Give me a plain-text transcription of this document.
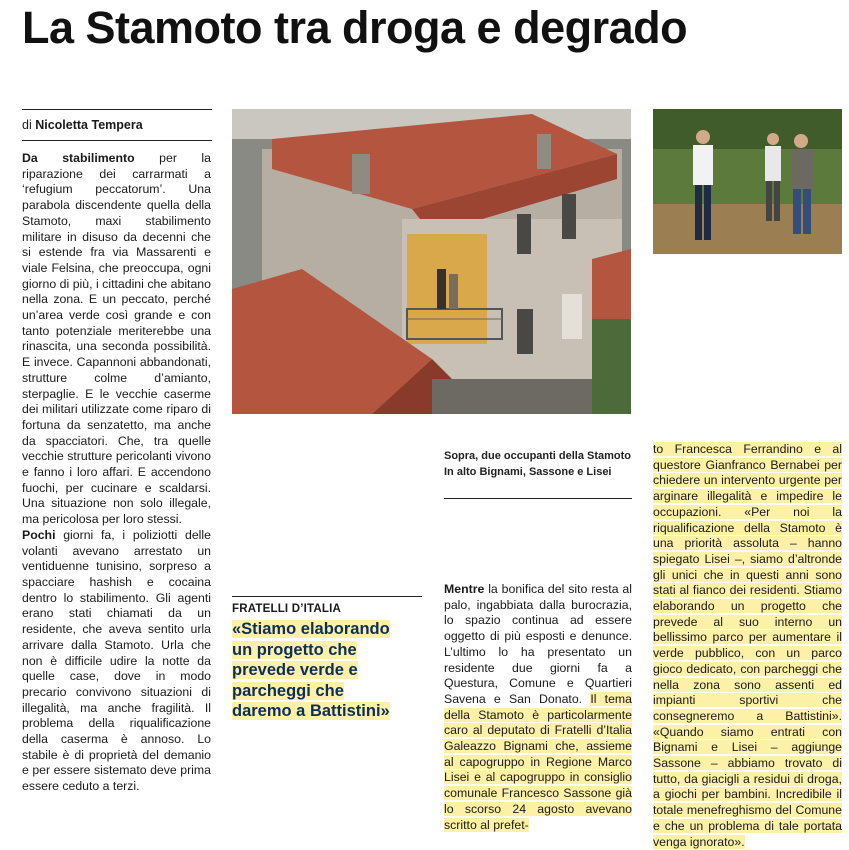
La Stamoto tra droga e degrado
di Nicoletta Tempera

Da stabilimento per la riparazione dei carrarmati a ‘refugium peccatorum’. Una parabola discendente quella della Stamoto, maxi stabilimento militare in disuso da decenni che si estende fra via Massarenti e viale Felsina, che preoccupa, ogni giorno di più, i cittadini che abitano nella zona. E un peccato, perché un’area verde così grande e con tanto potenziale meriterebbe una rinascita, una seconda possibilità. E invece. Capannoni abbandonati, strutture colme d’amianto, sterpaglie. E le vecchie caserme dei militari utilizzate come riparo di fortuna da senzatetto, ma anche da spacciatori. Che, tra quelle vecchie strutture pericolanti vivono e fanno i loro affari. E accendono fuochi, per cucinare e scaldarsi. Una situazione non solo illegale, ma pericolosa per loro stessi.

Pochi giorni fa, i poliziotti delle volanti avevano arrestato un ventiduenne tunisino, sorpreso a spacciare hashish e cocaina dentro lo stabilimento. Gli agenti erano stati chiamati da un residente, che aveva sentito urla arrivare dalla Stamoto. Urla che non è difficile udire la notte da quelle case, dove in modo precario convivono situazioni di illegalità, ma anche fragilità. Il problema della riqualificazione della caserma è annoso. Lo stabile è di proprietà del demanio e per essere sistemato deve prima essere ceduto a terzi.

Sopra, due occupanti della Stamoto
In alto Bignami, Sassone e Lisei
FRATELLI D’ITALIA
«Stiamo elaborando un progetto che prevede verde e parcheggi che daremo a Battistini»

Mentre la bonifica del sito resta al palo, ingabbiata dalla burocrazia, lo spazio continua ad essere oggetto di più esposti e denunce. L’ultimo lo ha presentato un residente due giorni fa a Questura, Comune e Quartieri Savena e San Donato. Il tema della Stamoto è particolarmente caro al deputato di Fratelli d’Italia Galeazzo Bignami che, assieme al capogruppo in Regione Marco Lisei e al capogruppo in consiglio comunale Francesco Sassone già lo scorso 24 agosto avevano scritto al prefet-

to Francesca Ferrandino e al questore Gianfranco Bernabei per chiedere un intervento urgente per arginare illegalità e impedire le occupazioni. «Per noi la riqualificazione della Stamoto è una priorità assoluta – hanno spiegato Lisei –, siamo d’altronde gli unici che in questi anni sono stati al fianco dei residenti. Stiamo elaborando un progetto che prevede al suo interno un bellissimo parco per aumentare il verde pubblico, con un parco gioco dedicato, con parcheggi che nella zona sono assenti ed impianti sportivi che consegneremo a Battistini». «Quando siamo entrati con Bignami e Lisei – aggiunge Sassone – abbiamo trovato di tutto, da giacigli a residui di droga, a giochi per bambini. Incredibile il totale menefreghismo del Comune e che un problema di tale portata venga ignorato».
